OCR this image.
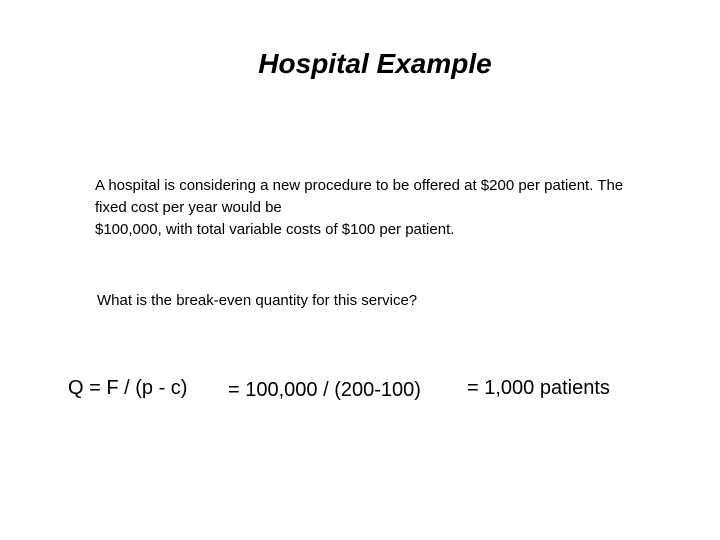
Hospital Example
A hospital is considering a new procedure to be offered at $200 per patient. The
fixed cost per year would be
$100,000, with total variable costs of $100 per patient.
What is the break-even quantity for this service?
Q = F / (p - c) = 100,000 / (200-100) = 1,000 patients
